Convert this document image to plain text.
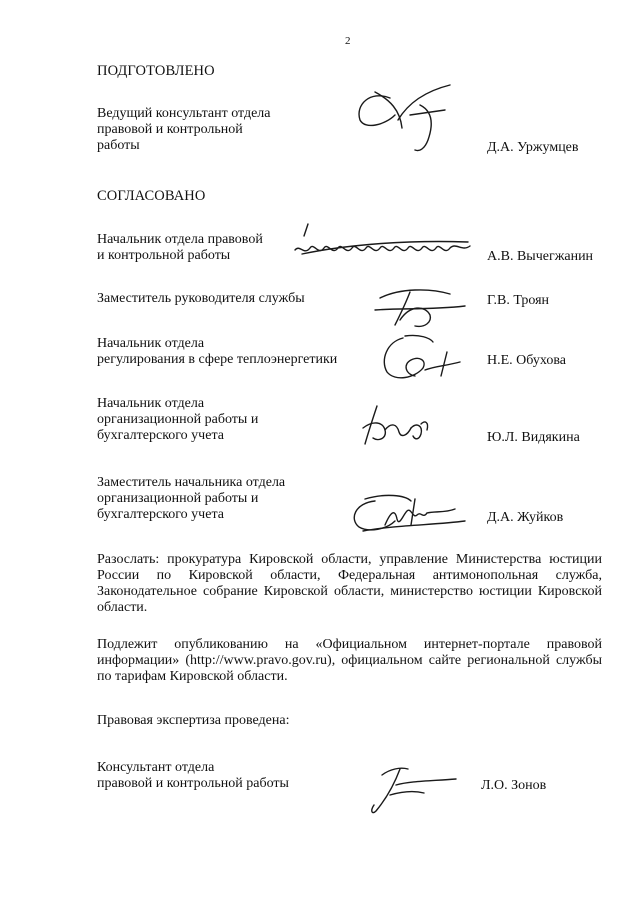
2
ПОДГОТОВЛЕНО
Ведущий консультант отдела
правовой и контрольной
работы	Д.А. Уржумцев
СОГЛАСОВАНО
Начальник отдела правовой
и контрольной работы	А.В. Вычегжанин
Заместитель руководителя службы	Г.В. Троян
Начальник отдела
регулирования в сфере теплоэнергетики	Н.Е. Обухова
Начальник отдела
организационной работы и
бухгалтерского учета	Ю.Л. Видякина
Заместитель начальника отдела
организационной работы и
бухгалтерского учета	Д.А. Жуйков
Разослать: прокуратура Кировской области, управление Министерства юстиции России по Кировской области, Федеральная антимонопольная служба, Законодательное собрание Кировской области, министерство юстиции Кировской области.
Подлежит опубликованию на «Официальном интернет-портале правовой информации» (http://www.pravo.gov.ru), официальном сайте региональной службы по тарифам Кировской области.
Правовая экспертиза проведена:
Консультант отдела
правовой и контрольной работы	Л.О. Зонов
